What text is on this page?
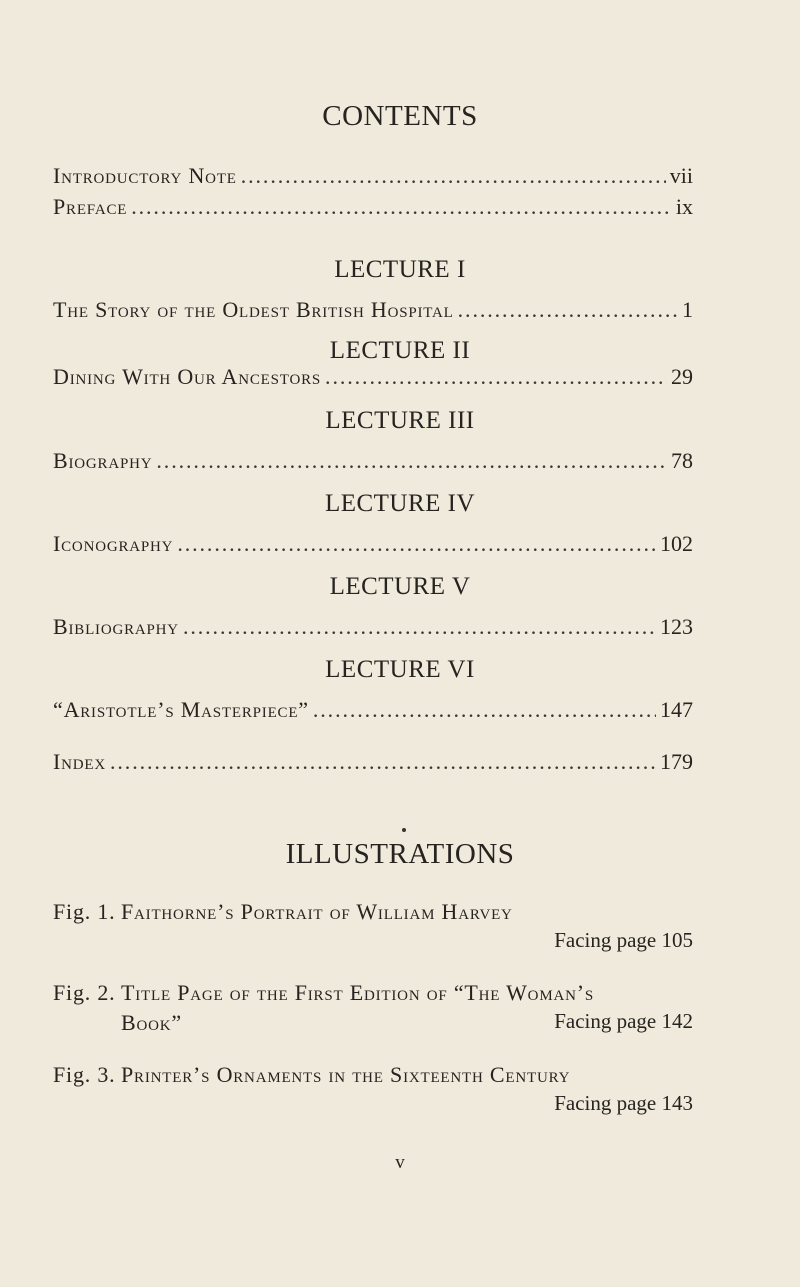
CONTENTS
Introductory Note . . .	vii
Preface . . .	ix
LECTURE I
The Story of the Oldest British Hospital . . .	1
LECTURE II
Dining With Our Ancestors . . .	29
LECTURE III
Biography . . .	78
LECTURE IV
Iconography . . .	102
LECTURE V
Bibliography . . .	123
LECTURE VI
“Aristotle’s Masterpiece” . . .	147
Index . . .	179
ILLUSTRATIONS
Fig. 1. Faithorne’s Portrait of William Harvey
Facing page 105
Fig. 2. Title Page of the First Edition of “The Woman’s
Book”	Facing page 142
Fig. 3. Printer’s Ornaments in the Sixteenth Century
Facing page 143
v
